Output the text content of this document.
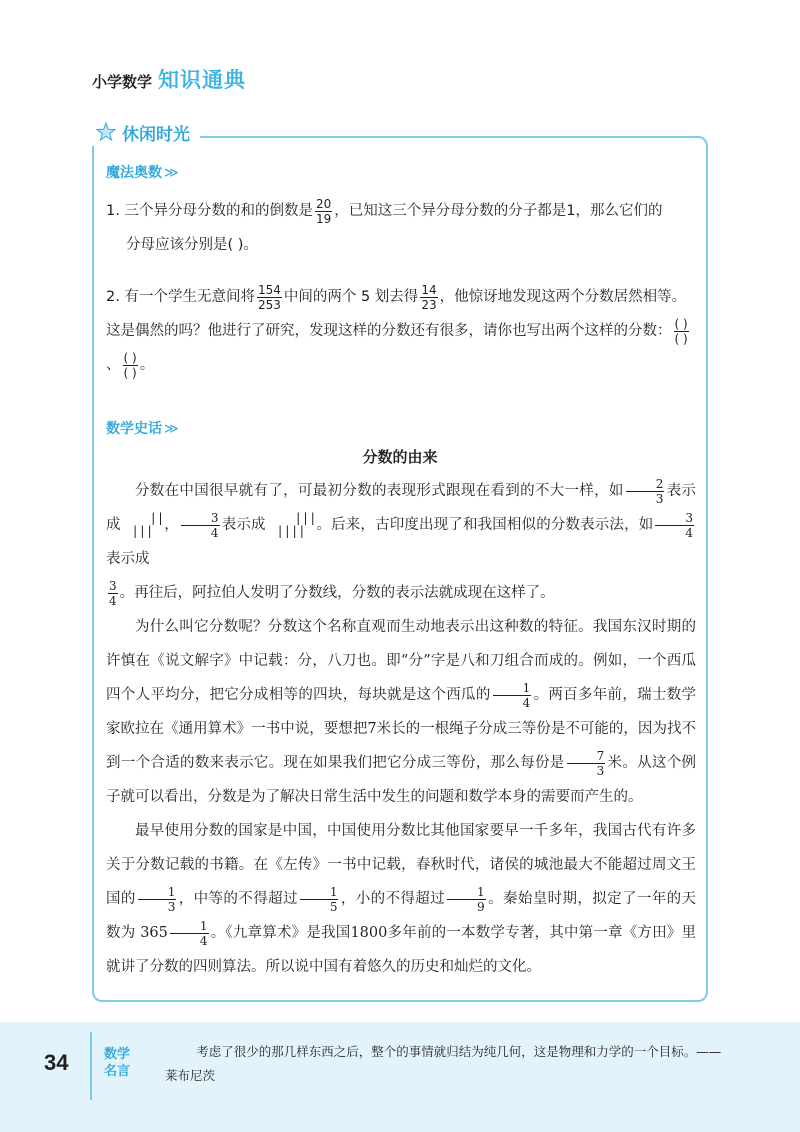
小学数学 知识通典
休闲时光
魔法奥数 ≫
1. 三个异分母分数的和的倒数是 $\frac{20}{19}$ ，已知这三个异分母分数的分子都是1，那么它们的
分母应该分别是( )。
2. 有一个学生无意间将 $\frac{154}{253}$ 中间的两个 5 划去得 $\frac{14}{23}$ ，他惊讶地发现这两个分数居然相等。这是偶然的吗？他进行了研究，发现这样的分数还有很多，请你也写出两个这样的分数： ( )
( )
、 ( )
( ) 。
数学史话 ≫
分数的由来

分数在中国很早就有了，可最初分数的表现形式跟现在看到的不大一样，如 $\frac{2}{3}$ 表示成 ||
||| ， $\frac{3}{4}$ 表示成 |||
|||| 。后来，古印度出现了和我国相似的分数表示法，如 $\frac{3}{4}$
表示成

$\frac{3}{4}$ 。再往后，阿拉伯人发明了分数线，分数的表示法就成现在这样了。

为什么叫它分数呢？分数这个名称直观而生动地表示出这种数的特征。我国东汉时期的许慎在《说文解字》中记载：分，八刀也。即“分”字是八和刀组合而成的。例如，一个西瓜四个人平均分，把它分成相等的四块，每块就是这个西瓜的 $\frac{1}{4}$ 。两百多年前，瑞士数学家欧拉在《通用算术》一书中说，要想把7米长的一根绳子分成三等份是不可能的，因为找不到一个合适的数来表示它。现在如果我们把它分成三等份，那么每份是 $\frac{7}{3}$ 米。从这个例子就可以看出，分数是为了解决日常生活中发生的问题和数学本身的需要而产生的。

最早使用分数的国家是中国，中国使用分数比其他国家要早一千多年，我国古代有许多关于分数记载的书籍。在《左传》一书中记载，春秋时代，诸侯的城池最大不能超过周文王国的 $\frac{1}{3}$ ，中等的不得超过 $\frac{1}{5}$ ，小的不得超过 $\frac{1}{9}$ 。秦始皇时期，拟定了一年的天数为 $365 \frac{1}{4}$ 。《九章算术》是我国1800多年前的一本数学专著，其中第一章《方田》里就讲了分数的四则算法。所以说中国有着悠久的历史和灿烂的文化。

34	数学
名言
考虑了很少的那几样东西之后，整个的事情就归结为纯几何，这是物理和力学的一个目标。——莱布尼茨
